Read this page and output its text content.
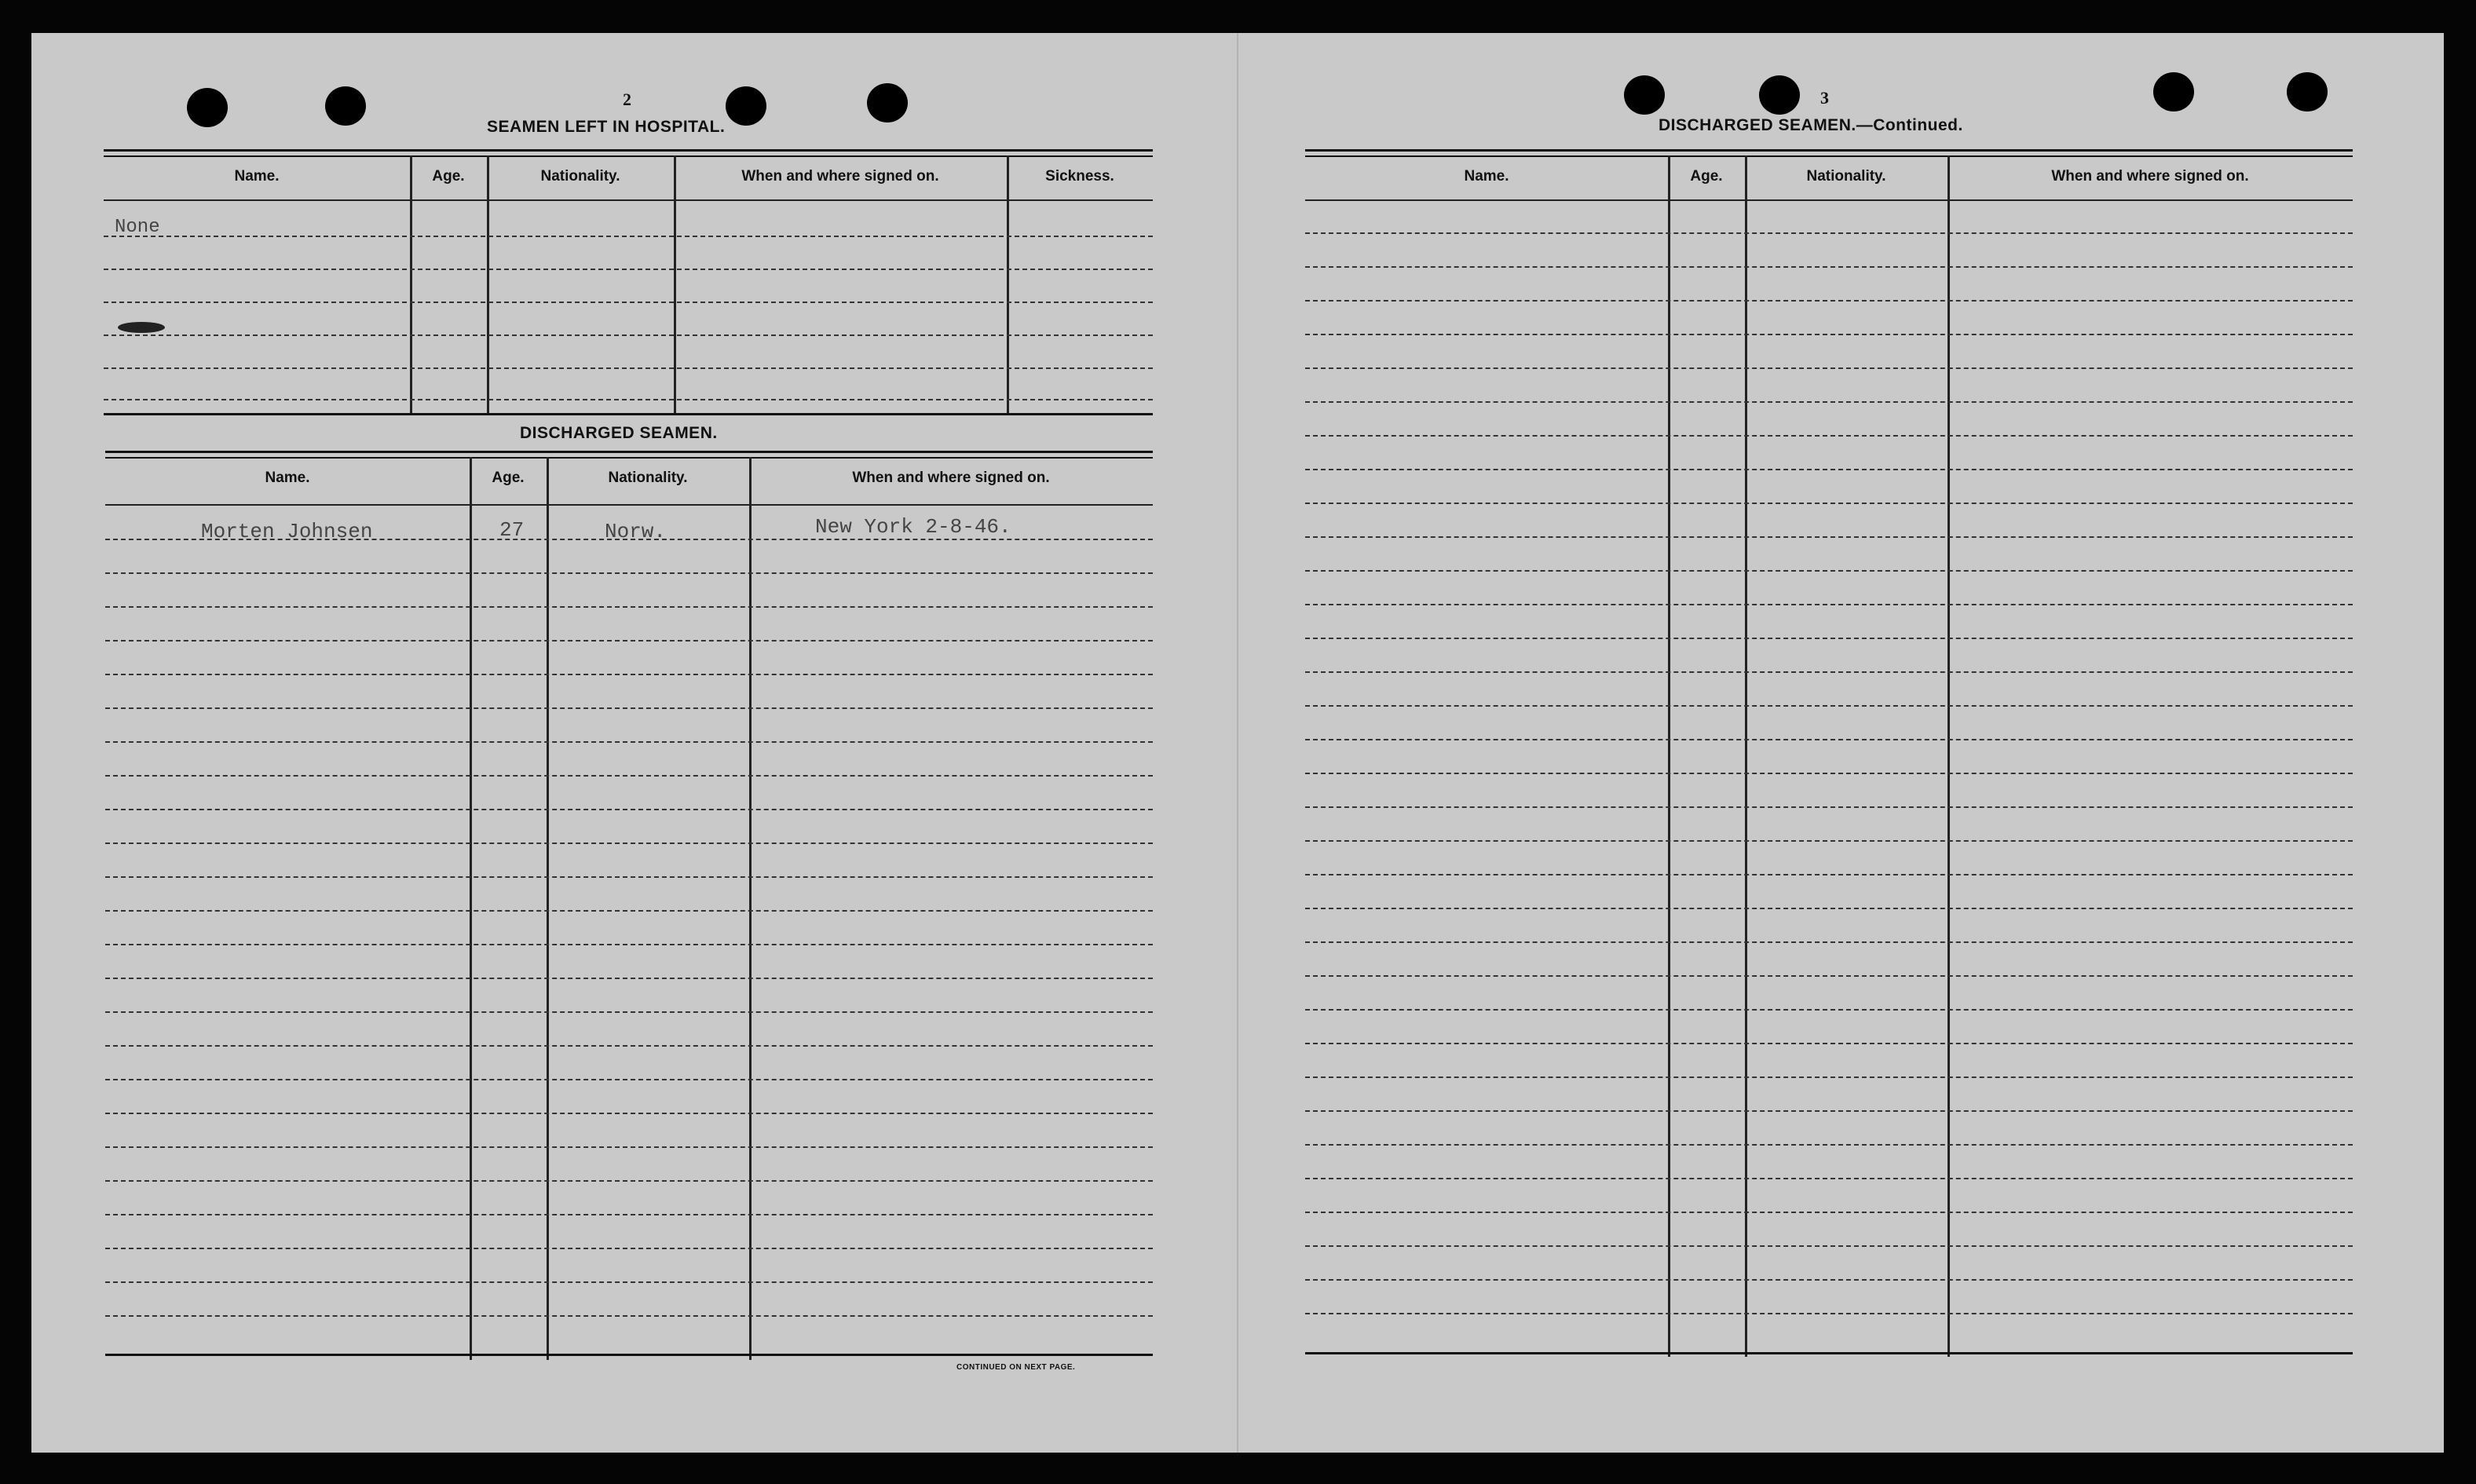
2
SEAMEN LEFT IN HOSPITAL.
Name.	Age.	Nationality.	When and where signed on.	Sickness.
None
DISCHARGED SEAMEN.
Name.	Age.	Nationality.	When and where signed on.
Morten Johnsen	27	Norw.	New York 2-8-46.
CONTINUED ON NEXT PAGE.
3
DISCHARGED SEAMEN.—Continued.
Name.	Age.	Nationality.	When and where signed on.
